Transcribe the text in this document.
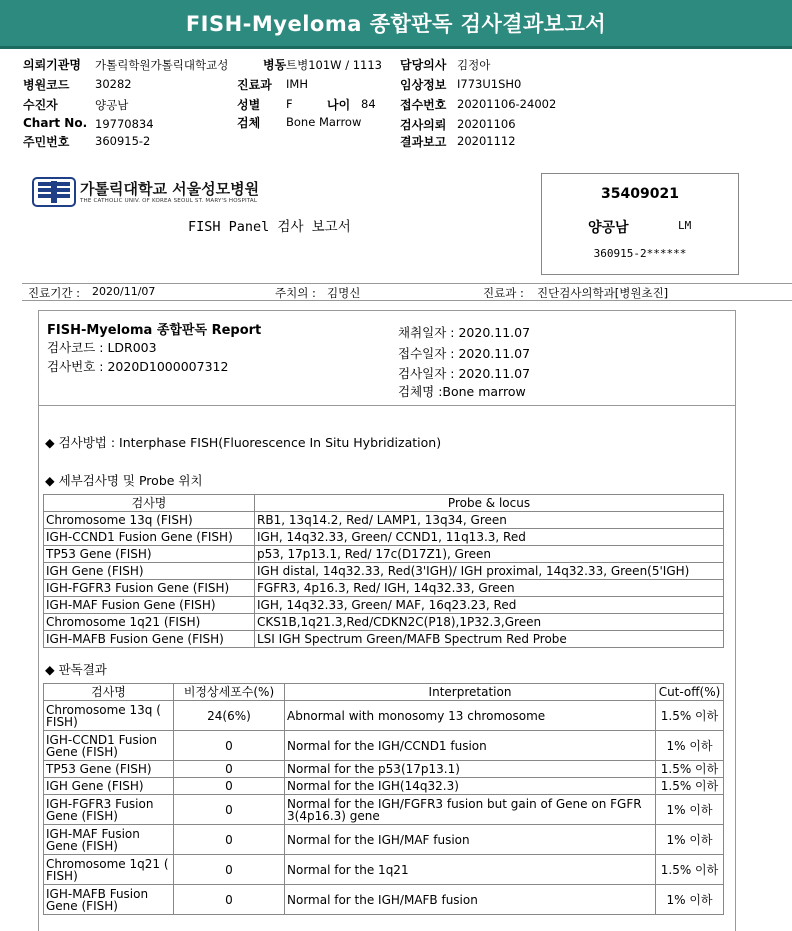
FISH-Myeloma 종합판독 검사결과보고서
의뢰기관명 가톨릭학원가톨릭대학교성	병동 트병101W / 1113 담당의사 김정아
병원코드 30282	진료과 IMH	임상정보 I773U1SH0
수진자	양공남	성별 F	나이 84 접수번호 20201106-24002
Chart No. 19770834	검체 Bone Marrow	검사의뢰 20201106
주민번호 360915-2	결과보고 20201112
가톨릭대학교 서울성모병원
THE CATHOLIC UNIV. OF KOREA SEOUL ST. MARY'S HOSPITAL
FISH Panel 검사 보고서
35409021
양공남	LM
360915-2******
진료기간 : 2020/11/07	주치의 : 김명신	진료과 : 진단검사의학과[병원초진]
FISH-Myeloma 종합판독 Report
검사코드 : LDR003
검사번호 : 2020D1000007312
채취일자 : 2020.11.07
접수일자 : 2020.11.07
검사일자 : 2020.11.07
검체명 :Bone marrow
◆ 검사방법 : Interphase FISH(Fluorescence In Situ Hybridization)
◆ 세부검사명 및 Probe 위치
검사명	Probe & locus
Chromosome 13q (FISH)	RB1, 13q14.2, Red/ LAMP1, 13q34, Green
IGH-CCND1 Fusion Gene (FISH)	IGH, 14q32.33, Green/ CCND1, 11q13.3, Red
TP53 Gene (FISH)	p53, 17p13.1, Red/ 17c(D17Z1), Green
IGH Gene (FISH)	IGH distal, 14q32.33, Red(3'IGH)/ IGH proximal, 14q32.33, Green(5'IGH)
IGH-FGFR3 Fusion Gene (FISH)	FGFR3, 4p16.3, Red/ IGH, 14q32.33, Green
IGH-MAF Fusion Gene (FISH)	IGH, 14q32.33, Green/ MAF, 16q23.23, Red
Chromosome 1q21 (FISH)	CKS1B,1q21.3,Red/CDKN2C(P18),1P32.3,Green
IGH-MAFB Fusion Gene (FISH)	LSI IGH Spectrum Green/MAFB Spectrum Red Probe
◆ 판독결과
검사명	비정상세포수(%)	Interpretation	Cut-off(%)
Chromosome 13q ( FISH)	24(6%)	Abnormal with monosomy 13 chromosome	1.5% 이하
IGH-CCND1 Fusion Gene (FISH)	0	Normal for the IGH/CCND1 fusion	1% 이하
TP53 Gene (FISH)	0	Normal for the p53(17p13.1)	1.5% 이하
IGH Gene (FISH)	0	Normal for the IGH(14q32.3)	1.5% 이하
IGH-FGFR3 Fusion Gene (FISH)	0	Normal for the IGH/FGFR3 fusion but gain of Gene on FGFR 3(4p16.3) gene	1% 이하
IGH-MAF Fusion Gene (FISH)	0	Normal for the IGH/MAF fusion	1% 이하
Chromosome 1q21 ( FISH)	0	Normal for the 1q21	1.5% 이하
IGH-MAFB Fusion Gene (FISH)	0	Normal for the IGH/MAFB fusion	1% 이하
